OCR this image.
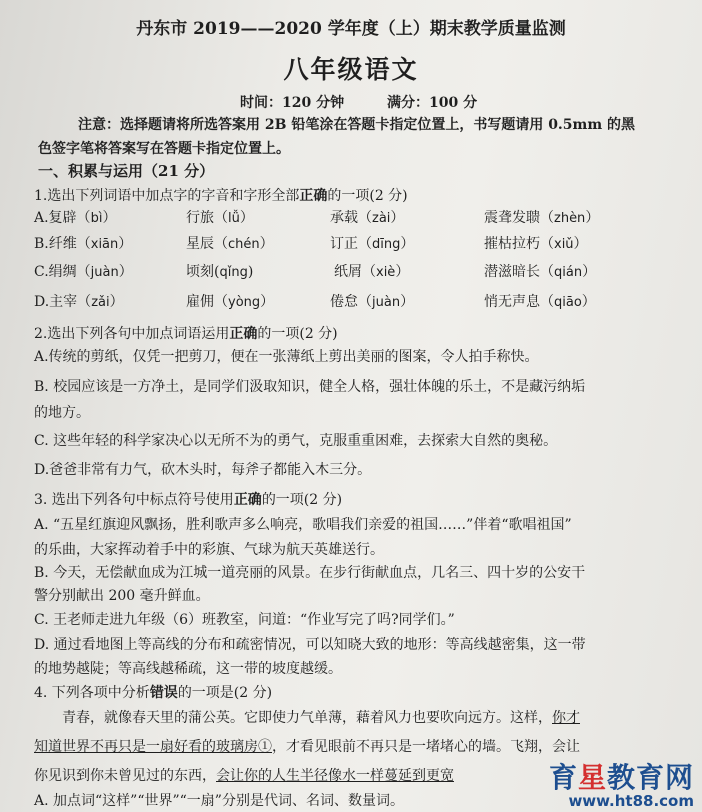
丹东市 2019——2020 学年度（上）期末教学质量监测
八年级语文
时间：120 分钟	满分：100 分
注意：选择题请将所选答案用 2B 铅笔涂在答题卡指定位置上，书写题请用 0.5mm 的黑
色签字笔将答案写在答题卡指定位置上。
一、积累与运用（21 分）
1.选出下列词语中加点字的字音和字形全部正确的一项(2 分)
A.复辟（bì）	行旅（lǚ）	承载（zài）	震聋发聩（zhèn）
B.纤维（xiān）	星辰（chén）	订正（dīng）	摧枯拉朽（xiǔ）
C.绢绸（juàn）	顷刻(qǐng)	纸屑（xiè）	潜滋暗长（qián）
D.主宰（zǎi）	雇佣（yòng）	倦怠（juàn）	悄无声息（qiāo）
2.选出下列各句中加点词语运用正确的一项(2 分)
A.传统的剪纸，仅凭一把剪刀，便在一张薄纸上剪出美丽的图案，令人拍手称快。
B. 校园应该是一方净土，是同学们汲取知识，健全人格，强壮体魄的乐土，不是藏污纳垢
的地方。
C. 这些年轻的科学家决心以无所不为的勇气，克服重重困难，去探索大自然的奥秘。
D.爸爸非常有力气，砍木头时，每斧子都能入木三分。
3. 选出下列各句中标点符号使用正确的一项(2 分)
A. “五星红旗迎风飘扬，胜利歌声多么响亮，歌唱我们亲爱的祖国……”伴着“歌唱祖国”
的乐曲，大家挥动着手中的彩旗、气球为航天英雄送行。
B. 今天，无偿献血成为江城一道亮丽的风景。在步行街献血点，几名三、四十岁的公安干
警分别献出 200 毫升鲜血。
C. 王老师走进九年级（6）班教室，问道：“作业写完了吗?同学们。”
D. 通过看地图上等高线的分布和疏密情况，可以知晓大致的地形：等高线越密集，这一带
的地势越陡；等高线越稀疏，这一带的坡度越缓。
4. 下列各项中分析错误的一项是(2 分)
青春，就像春天里的蒲公英。它即使力气单薄，藉着风力也要吹向远方。这样，你才
知道世界不再只是一扇好看的玻璃房①，才看见眼前不再只是一堵堵心的墙。飞翔，会让
你见识到你未曾见过的东西，会让你的人生半径像水一样蔓延到更宽
A. 加点词“这样”“世界”“一扇”分别是代词、名词、数量词。
育星教育网
www.ht88.com
